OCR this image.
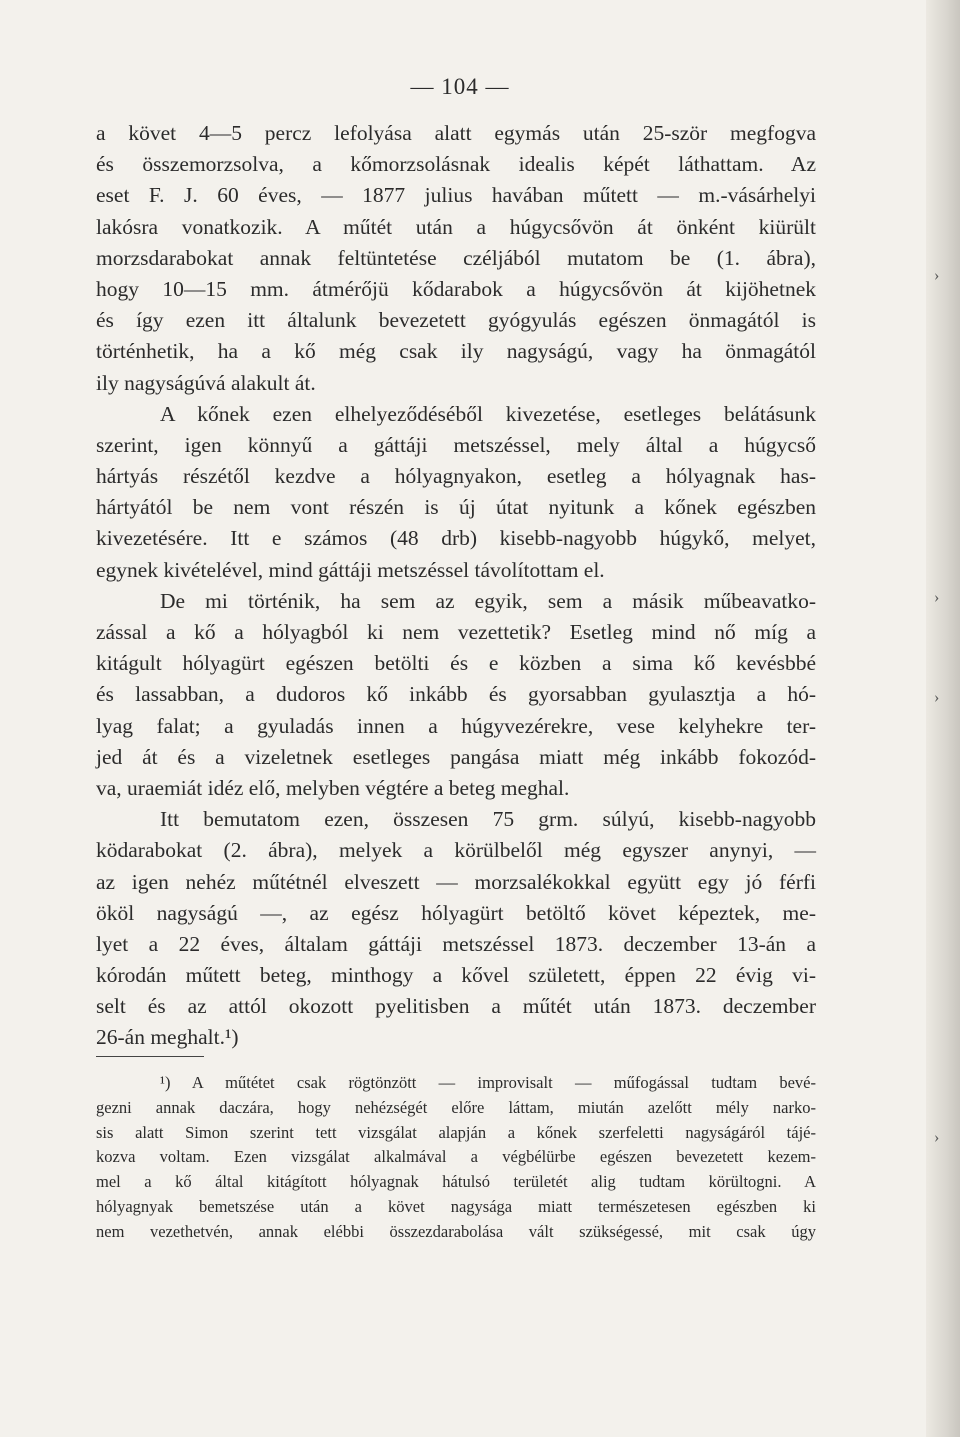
›
›
›
›
— 104 —
a követ 4—5 percz lefolyása alatt egymás után 25-ször megfogva
és összemorzsolva, a kőmorzsolásnak idealis képét láthattam. Az
eset F. J. 60 éves, — 1877 julius havában műtett — m.-vásárhelyi
lakósra vonatkozik. A műtét után a húgycsővön át önként kiürült
morzsdarabokat annak feltüntetése czéljából mutatom be (1. ábra),
hogy 10—15 mm. átmérőjü kődarabok a húgycsővön át kijöhetnek
és így ezen itt általunk bevezetett gyógyulás egészen önmagától is
történhetik, ha a kő még csak ily nagyságú, vagy ha önmagától
ily nagyságúvá alakult át.
A kőnek ezen elhelyeződéséből kivezetése, esetleges belátásunk
szerint, igen könnyű a gáttáji metszéssel, mely által a húgycső
hártyás részétől kezdve a hólyagnyakon, esetleg a hólyagnak has-
hártyától be nem vont részén is új útat nyitunk a kőnek egészben
kivezetésére. Itt e számos (48 drb) kisebb-nagyobb húgykő, melyet,
egynek kivételével, mind gáttáji metszéssel távolítottam el.
De mi történik, ha sem az egyik, sem a másik műbeavatko-
zással a kő a hólyagból ki nem vezettetik? Esetleg mind nő míg a
kitágult hólyagürt egészen betölti és e közben a sima kő kevésbbé
és lassabban, a dudoros kő inkább és gyorsabban gyulasztja a hó-
lyag falat; a gyuladás innen a húgyvezérekre, vese kelyhekre ter-
jed át és a vizeletnek esetleges pangása miatt még inkább fokozód-
va, uraemiát idéz elő, melyben végtére a beteg meghal.
Itt bemutatom ezen, összesen 75 grm. súlyú, kisebb-nagyobb
ködarabokat (2. ábra), melyek a körülbelől még egyszer anynyi, —
az igen nehéz műtétnél elveszett — morzsalékokkal együtt egy jó férfi
ököl nagyságú —, az egész hólyagürt betöltő követ képeztek, me-
lyet a 22 éves, általam gáttáji metszéssel 1873. deczember 13-án a
kórodán műtett beteg, minthogy a kővel született, éppen 22 évig vi-
selt és az attól okozott pyelitisben a műtét után 1873. deczember
26-án meghalt.¹)
¹) A műtétet csak rögtönzött — improvisalt — műfogással tudtam bevé-
gezni annak daczára, hogy nehézségét előre láttam, miután azelőtt mély narko-
sis alatt Simon szerint tett vizsgálat alapján a kőnek szerfeletti nagyságáról tájé-
kozva voltam. Ezen vizsgálat alkalmával a végbélürbe egészen bevezetett kezem-
mel a kő által kitágított hólyagnak hátulsó területét alig tudtam körültogni. A
hólyagnyak bemetszése után a követ nagysága miatt természetesen egészben ki
nem vezethetvén, annak elébbi összezdarabolása vált szükségessé, mit csak úgy
